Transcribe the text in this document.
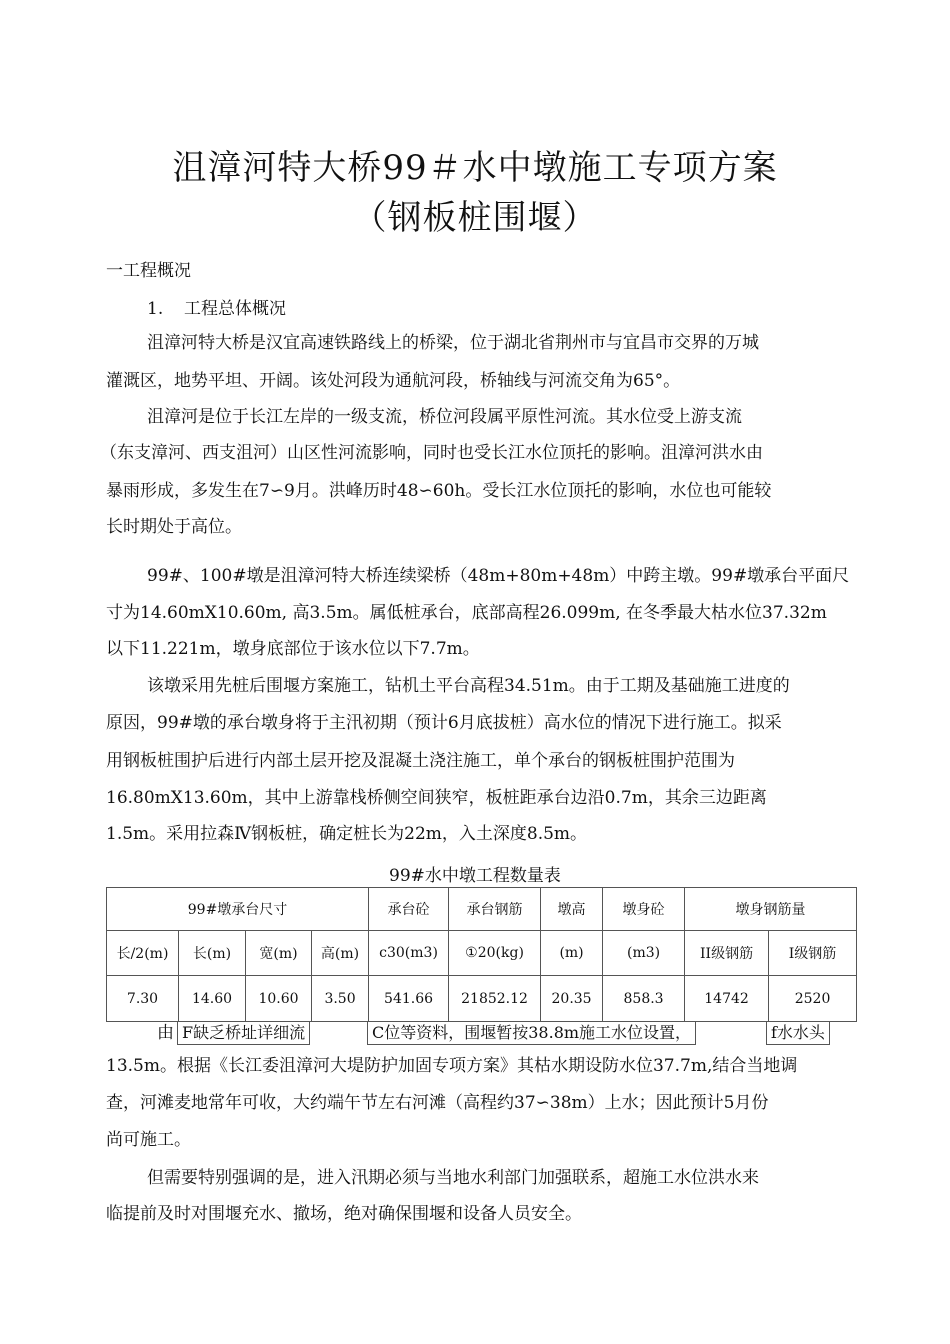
沮漳河特大桥99＃水中墩施工专项方案
（钢板桩围堰）
一工程概况
1. 工程总体概况
沮漳河特大桥是汉宜高速铁路线上的桥梁，位于湖北省荆州市与宜昌市交界的万城
灌溉区，地势平坦、开阔。该处河段为通航河段，桥轴线与河流交角为65°。
沮漳河是位于长江左岸的一级支流，桥位河段属平原性河流。其水位受上游支流
（东支漳河、西支沮河）山区性河流影响，同时也受长江水位顶托的影响。沮漳河洪水由
暴雨形成，多发生在7∽9月。洪峰历时48∽60h。受长江水位顶托的影响，水位也可能较
长时期处于高位。
99#、100#墩是沮漳河特大桥连续梁桥（48m+80m+48m）中跨主墩。99#墩承台平面尺
寸为14.60mX10.60m, 高3.5m。属低桩承台，底部高程26.099m, 在冬季最大枯水位37.32m
以下11.221m，墩身底部位于该水位以下7.7m。
该墩采用先桩后围堰方案施工，钻机土平台高程34.51m。由于工期及基础施工进度的
原因，99#墩的承台墩身将于主汛初期（预计6月底拔桩）高水位的情况下进行施工。拟采
用钢板桩围护后进行内部土层开挖及混凝土浇注施工，单个承台的钢板桩围护范围为
16.80mX13.60m，其中上游靠栈桥侧空间狭窄，板桩距承台边沿0.7m，其余三边距离
1.5m。采用拉森Ⅳ钢板桩，确定桩长为22m，入土深度8.5m。
99#水中墩工程数量表
99#墩承台尺寸				承台砼	承台钢筋	墩高	墩身砼	墩身钢筋量	
长/2(m)	长(m)	宽(m)	高(m)	c30(m3)	①20(kg)	(m)	(m3)	II级钢筋	I级钢筋
7.30	14.60	10.60	3.50	541.66	21852.12	20.35	858.3	14742	2520
由 F缺乏桥址详细流	C位等资料，围堰暂按38.8m施工水位设置，	f水水头
13.5m。根据《长江委沮漳河大堤防护加固专项方案》其枯水期设防水位37.7m,结合当地调
查，河滩麦地常年可收，大约端午节左右河滩（高程约37∽38m）上水；因此预计5月份
尚可施工。
但需要特别强调的是，进入汛期必须与当地水利部门加强联系，超施工水位洪水来
临提前及时对围堰充水、撤场，绝对确保围堰和设备人员安全。
